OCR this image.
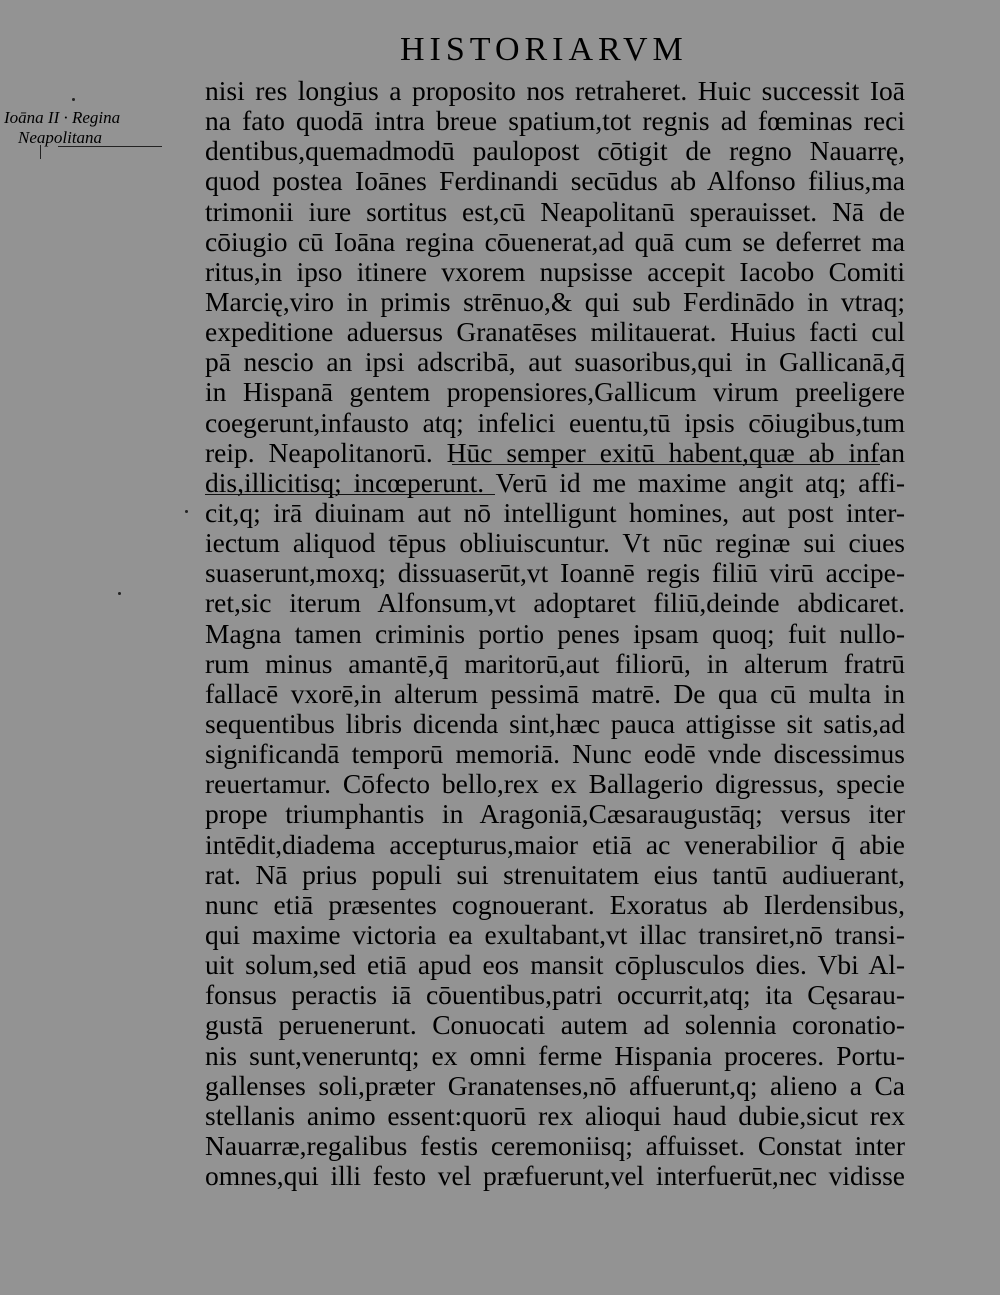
HISTORIARVM
Ioāna II · Regina
Neapolitana
nisi res longius a proposito nos retraheret. Huic successit Ioā
na fato quodā intra breue spatium,tot regnis ad fœminas reci
dentibus,quemadmodū paulopost cōtigit de regno Nauarrę,
quod postea Ioānes Ferdinandi secūdus ab Alfonso filius,ma
trimonii iure sortitus est,cū Neapolitanū sperauisset. Nā de
cōiugio cū Ioāna regina cōuenerat,ad quā cum se deferret ma
ritus,in ipso itinere vxorem nupsisse accepit Iacobo Comiti
Marcię,viro in primis strēnuo,& qui sub Ferdinādo in vtraq;
expeditione aduersus Granatēses militauerat. Huius facti cul
pā nescio an ipsi adscribā, aut suasoribus,qui in Gallicanā,q̄
in Hispanā gentem propensiores,Gallicum virum preeligere
coegerunt,infausto atq; infelici euentu,tū ipsis cōiugibus,tum
reip. Neapolitanorū. Hūc semper exitū habent,quæ ab infan
dis,illicitisq; incœperunt. Verū id me maxime angit atq; affi-
cit,q; irā diuinam aut nō intelligunt homines, aut post inter-
iectum aliquod tēpus obliuiscuntur. Vt nūc reginæ sui ciues
suaserunt,moxq; dissuaserūt,vt Ioannē regis filiū virū accipe-
ret,sic iterum Alfonsum,vt adoptaret filiū,deinde abdicaret.
Magna tamen criminis portio penes ipsam quoq; fuit nullo-
rum minus amantē,q̄ maritorū,aut filiorū, in alterum fratrū
fallacē vxorē,in alterum pessimā matrē. De qua cū multa in
sequentibus libris dicenda sint,hæc pauca attigisse sit satis,ad
significandā temporū memoriā. Nunc eodē vnde discessimus
reuertamur. Cōfecto bello,rex ex Ballagerio digressus, specie
prope triumphantis in Aragoniā,Cæsaraugustāq; versus iter
intēdit,diadema accepturus,maior etiā ac venerabilior q̄ abie
rat. Nā prius populi sui strenuitatem eius tantū audiuerant,
nunc etiā præsentes cognouerant. Exoratus ab Ilerdensibus,
qui maxime victoria ea exultabant,vt illac transiret,nō transi-
uit solum,sed etiā apud eos mansit cōplusculos dies. Vbi Al-
fonsus peractis iā cōuentibus,patri occurrit,atq; ita Cęsarau-
gustā peruenerunt. Conuocati autem ad solennia coronatio-
nis sunt,veneruntq; ex omni ferme Hispania proceres. Portu-
gallenses soli,præter Granatenses,nō affuerunt,q; alieno a Ca
stellanis animo essent:quorū rex alioqui haud dubie,sicut rex
Nauarræ,regalibus festis ceremoniisq; affuisset. Constat inter
omnes,qui illi festo vel præfuerunt,vel interfuerūt,nec vidisse
